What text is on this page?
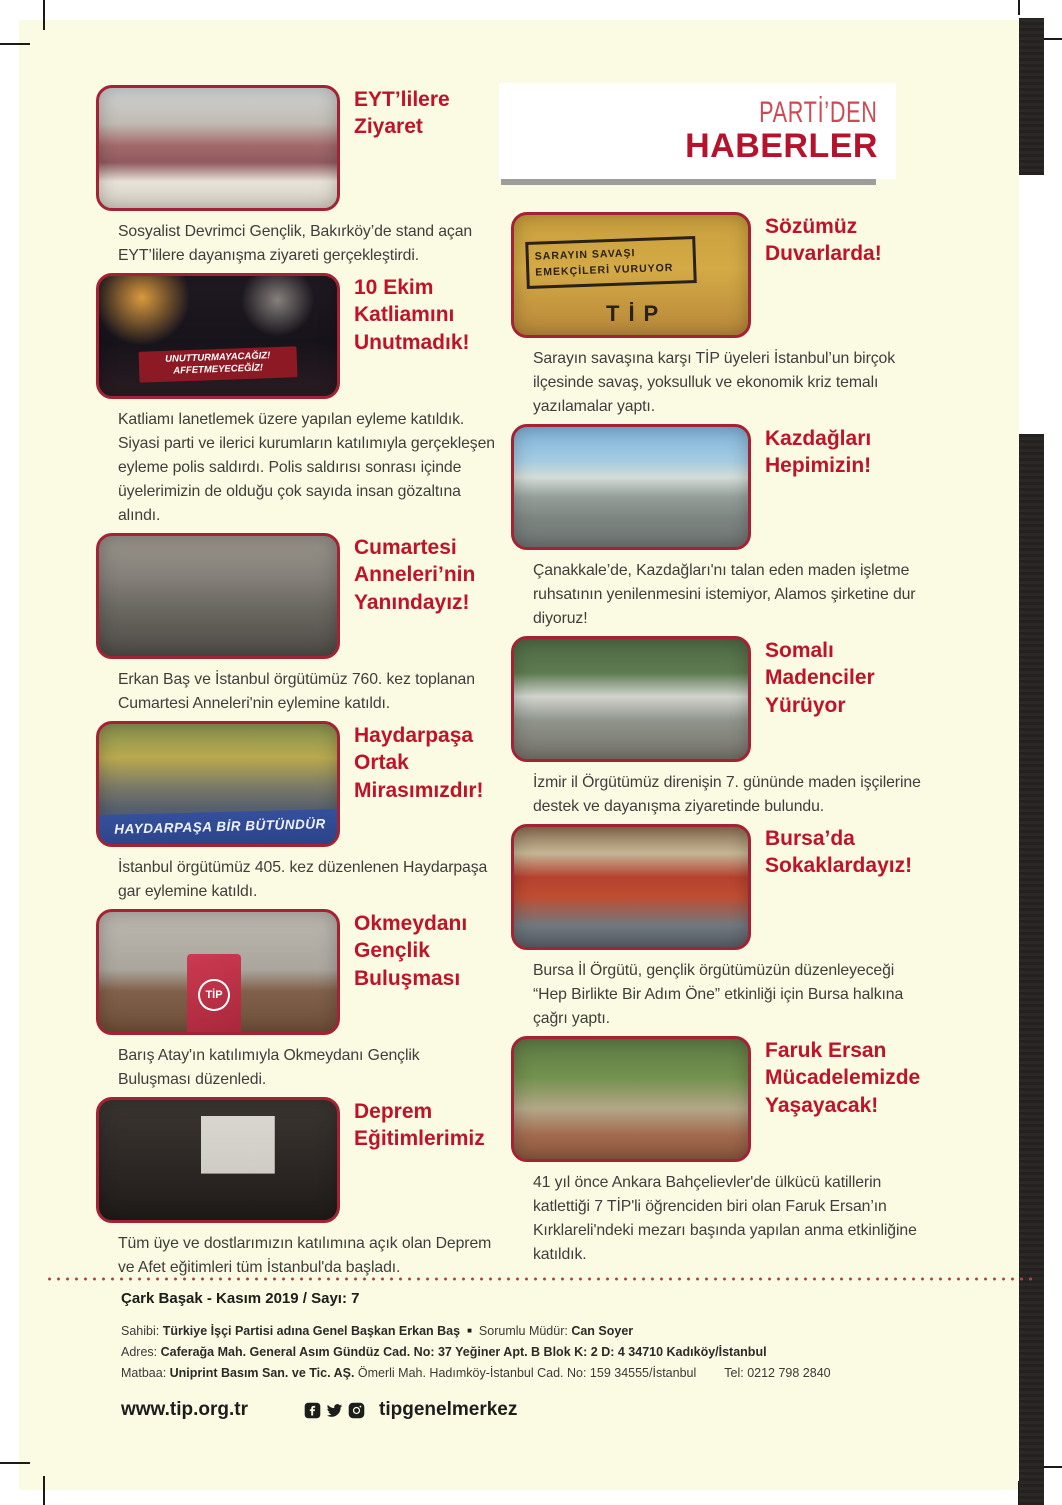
EYT’lilere Ziyaret

Sosyalist Devrimci Gençlik, Bakırköy’de stand açan EYT’lilere dayanışma ziyareti gerçekleştirdi.

UNUTTURMAYACAĞIZ! AFFETMEYECEĞİZ!
10 Ekim Katliamını Unutmadık!

Katliamı lanetlemek üzere yapılan eyleme katıldık. Siyasi parti ve ilerici kurumların katılımıyla gerçekleşen eyleme polis saldırdı. Polis saldırısı sonrası içinde üyelerimizin de olduğu çok sayıda insan gözaltına alındı.

Cumartesi Anneleri’nin Yanındayız!

Erkan Baş ve İstanbul örgütümüz 760. kez toplanan Cumartesi Anneleri'nin eylemine katıldı.

HAYDARPAŞA BİR BÜTÜNDÜR
Haydarpaşa Ortak Mirasımızdır!

İstanbul örgütümüz 405. kez düzenlenen Haydarpaşa gar eylemine katıldı.

TİP
Okmeydanı Gençlik Buluşması

Barış Atay'ın katılımıyla Okmeydanı Gençlik Buluşması düzenledi.

Deprem Eğitimlerimiz

Tüm üye ve dostlarımızın katılımına açık olan Deprem ve Afet eğitimleri tüm İstanbul'da başladı.

PARTİ’DEN
HABERLER
SARAYIN SAVAŞI
EMEKÇİLERİ VURUYOR
TİP
Sözümüz Duvarlarda!

Sarayın savaşına karşı TİP üyeleri İstanbul’un birçok ilçesinde savaş, yoksulluk ve ekonomik kriz temalı yazılamalar yaptı.

Kazdağları Hepimizin!

Çanakkale’de, Kazdağları'nı talan eden maden işletme ruhsatının yenilenmesini istemiyor, Alamos şirketine dur diyoruz!

Somalı Madenciler Yürüyor

İzmir il Örgütümüz direnişin 7. gününde maden işçilerine destek ve dayanışma ziyaretinde bulundu.

Bursa’da Sokaklardayız!

Bursa İl Örgütü, gençlik örgütümüzün düzenleyeceği “Hep Birlikte Bir Adım Öne” etkinliği için Bursa halkına çağrı yaptı.

Faruk Ersan Mücadelemizde Yaşayacak!

41 yıl önce Ankara Bahçelievler'de ülkücü katillerin katlettiği 7 TİP'li öğrenciden biri olan Faruk Ersan’ın Kırklareli'ndeki mezarı başında yapılan anma etkinliğine katıldık.

Çark Başak - Kasım 2019 / Sayı: 7

Sahibi: Türkiye İşçi Partisi adına Genel Başkan Erkan Baş ■ Sorumlu Müdür: Can Soyer

Adres: Caferağa Mah. General Asım Gündüz Cad. No: 37 Yeğiner Apt. B Blok K: 2 D: 4 34710 Kadıköy/İstanbul

Matbaa: Uniprint Basım San. ve Tic. AŞ. Ömerli Mah. Hadımköy-İstanbul Cad. No: 159 34555/İstanbul Tel: 0212 798 2840

www.tip.org.tr	tipgenelmerkez
